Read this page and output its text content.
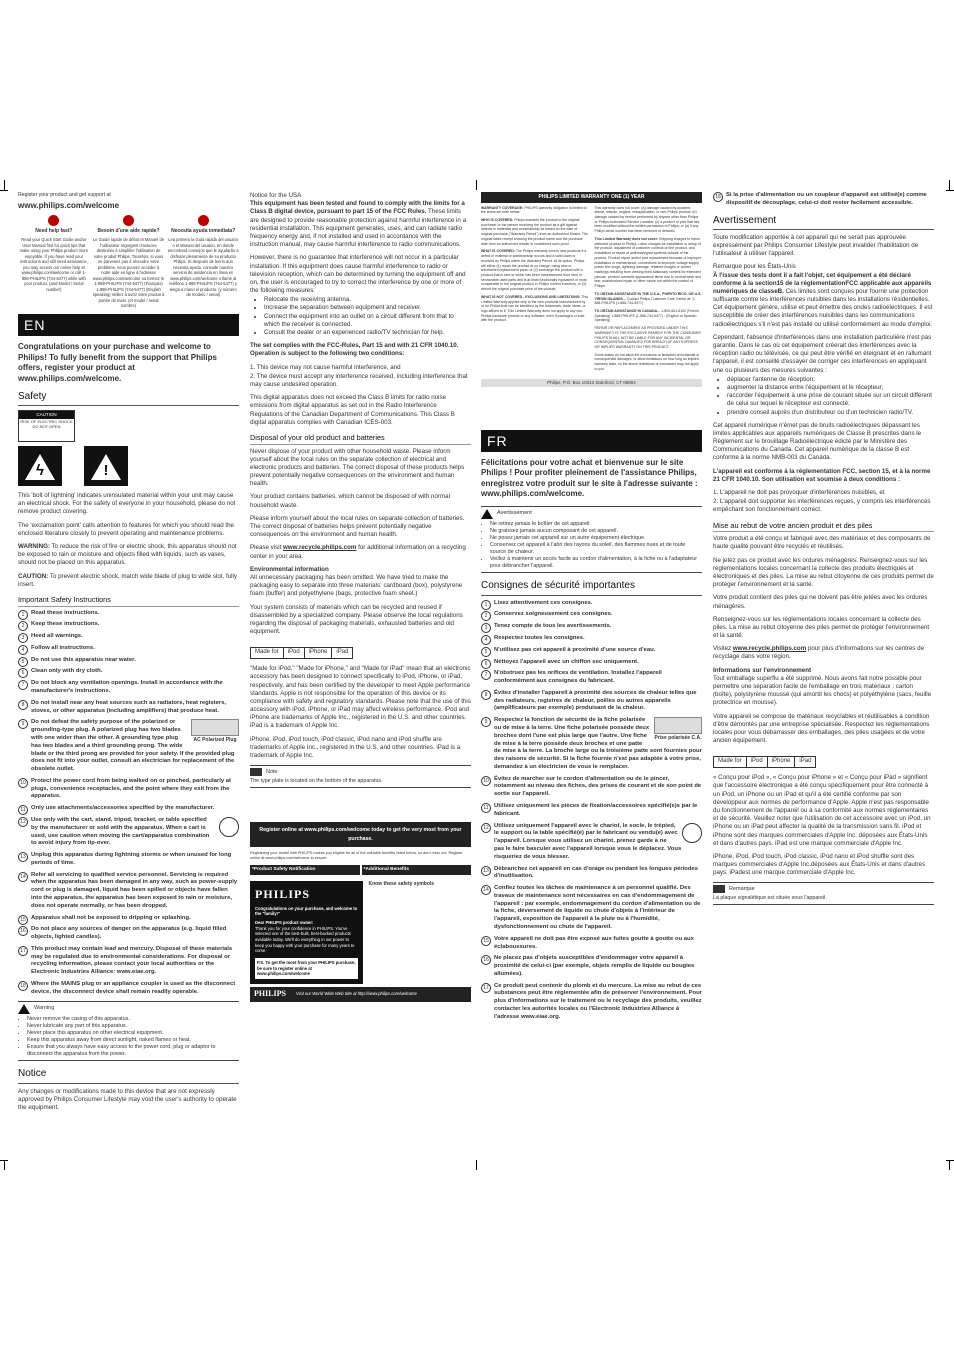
Register your product and get support at
www.philips.com/welcome
Need help fast?
Read your Quick Start Guide and/or User Manual first for quick tips that make using your Philips product more enjoyable. If you have read your instructions and still need assistance, you may access our online help at www.philips.com/welcome or call 1-888-PHILIPS (744-5477) while with your product. (and Model / Serial number)
Besoin d'une aide rapide?
Le Guide rapide de début et Manuel de l'utilisateur regorgent d'astuces destinées à simplifier l'utilisation de votre produit Philips. Toutefois, si vous ne parvenez pas à résoudre votre problème, vous pouvez accéder à notre aide en ligne à l'adresse www.philips.com/welcome ou formez le 1-888-PHILIPS (744-5477) (Français) 1-888-PHILIPS (744-5477) (English speaking) Veillez à avoir votre produit à portée de main. (et model / serial nombre)
Necesita ayuda inmediata?
Lea primero la Guía rápida del usuario o el Manual del usuario, en donde encontrará consejos que le ayudarán a disfrutar plenamente de su producto Philips. Si después de leerlo aún necesita ayuda, consulte nuestro servicio de asistencia en línea en www.philips.com/welcome o llame al teléfono 1-888-PHILIPS (744-5477) y tenga a mano el producto. (y número de modelo / serial)
EN
Congratulations on your purchase and welcome to Philips! To fully benefit from the support that Philips offers, register your product at www.philips.com/welcome.
Safety
CAUTION
RISK OF ELECTRIC SHOCK DO NOT OPEN
ϟ	!

This 'bolt of lightning' indicates uninsulated material within your unit may cause an electrical shock. For the safety of everyone in your household, please do not remove product covering.

The 'exclamation point' calls attention to features for which you should read the enclosed literature closely to prevent operating and maintenance problems.

WARNING: To reduce the risk of fire or electric shock, this apparatus should not be exposed to rain or moisture and objects filled with liquids, such as vases, should not be placed on this apparatus.

CAUTION: To prevent electric shock, match wide blade of plug to wide slot, fully insert.

Important Safety Instructions
1	Read these instructions.
2	Keep these instructions.
3	Heed all warnings.
4	Follow all instructions.
5	Do not use this apparatus near water.
6	Clean only with dry cloth.
7	Do not block any ventilation openings. Install in accordance with the manufacturer's instructions.
8	Do not install near any heat sources such as radiators, heat registers, stoves, or other apparatus (including amplifiers) that produce heat.
9
AC Polarized Plug
Do not defeat the safety purpose of the polarized or grounding-type plug. A polarized plug has two blades with one wider than the other. A grounding type plug has two blades and a third grounding prong. The wide blade or the third prong are provided for your safety. If the provided plug does not fit into your outlet, consult an electrician for replacement of the obsolete outlet.
10 Protect the power cord from being walked on or pinched, particularly at plugs, convenience receptacles, and the point where they exit from the apparatus.
11 Only use attachments/accessories specified by the manufacturer.
12 Use only with the cart, stand, tripod, bracket, or table specified by the manufacturer or sold with the apparatus. When a cart is used, use caution when moving the cart/apparatus combination to avoid injury from tip-over.
13 Unplug this apparatus during lightning storms or when unused for long periods of time.
14 Refer all servicing to qualified service personnel. Servicing is required when the apparatus has been damaged in any way, such as power-supply cord or plug is damaged, liquid has been spilled or objects have fallen into the apparatus, the apparatus has been exposed to rain or moisture, does not operate normally, or has been dropped.
15 Apparatus shall not be exposed to dripping or splashing.
16 Do not place any sources of danger on the apparatus (e.g. liquid filled objects, lighted candles).
17 This product may contain lead and mercury. Disposal of these materials may be regulated due to environmental considerations. For disposal or recycling information, please contact your local authorities or the Electronic Industries Alliance: www.eiae.org.
18 Where the MAINS plug or an appliance coupler is used as the disconnect device, the disconnect device shall remain readily operable.
Warning
• Never remove the casing of this apparatus.
• Never lubricate any part of this apparatus.
• Never place this apparatus on other electrical equipment.
• Keep this apparatus away from direct sunlight, naked flames or heat.
• Ensure that you always have easy access to the power cord, plug or adaptor to disconnect the apparatus from the power.
Notice

Any changes or modifications made to this device that are not expressly approved by Philips Consumer Lifestyle may void the user's authority to operate the equipment.

Notice for the USA

This equipment has been tested and found to comply with the limits for a Class B digital device, pursuant to part 15 of the FCC Rules. These limits are designed to provide reasonable protection against harmful interference in a residential installation. This equipment generates, uses, and can radiate radio frequency energy and, if not installed and used in accordance with the instruction manual, may cause harmful interference to radio communications.

However, there is no guarantee that interference will not occur in a particular installation. If this equipment does cause harmful interference to radio or television reception, which can be determined by turning the equipment off and on, the user is encouraged to try to correct the interference by one or more of the following measures:

• Relocate the receiving antenna.
• Increase the separation between equipment and receiver.
• Connect the equipment into an outlet on a circuit different from that to which the receiver is connected.
• Consult the dealer or an experienced radio/TV technician for help.

The set complies with the FCC-Rules, Part 15 and with 21 CFR 1040.10. Operation is subject to the following two conditions:

1. This device may not cause harmful interference, and

2. The device must accept any interference received, including interference that may cause undesired operation.

This digital apparatus does not exceed the Class B limits for radio noise emissions from digital apparatus as set out in the Radio Interference Regulations of the Canadian Department of Communications. This Class B digital apparatus complies with Canadian ICES-003.

Disposal of your old product and batteries

Never dispose of your product with other household waste. Please inform yourself about the local rules on the separate collection of electrical and electronic products and batteries. The correct disposal of these products helps prevent potentially negative consequences on the environment and human health.

Your product contains batteries, which cannot be disposed of with normal household waste.

Please inform yourself about the local rules on separate collection of batteries. The correct disposal of batteries helps prevent potentially negative consequences on the environment and human health.

Please visit www.recycle.philips.com for additional information on a recycling center in your area.

Environmental information

All unnecessary packaging has been omitted. We have tried to make the packaging easy to separate into three materials: cardboard (box), polystyrene foam (buffer) and polyethylene (bags, protective foam sheet.)

Your system consists of materials which can be recycled and reused if disassembled by a specialized company. Please observe the local regulations regarding the disposal of packaging materials, exhausted batteries and old equipment.

Made for	iPod	iPhone	iPad

"Made for iPod," "Made for iPhone," and "Made for iPad" mean that an electronic accessory has been designed to connect specifically to iPod, iPhone, or iPad, respectively, and has been certified by the developer to meet Apple performance standards. Apple is not responsible for the operation of this device or its compliance with safety and regulatory standards. Please note that the use of this accessory with iPod, iPhone, or iPad may affect wireless performance. iPod and iPhone are trademarks of Apple Inc., registered in the U.S. and other countries. iPad is a trademark of Apple Inc.

iPhone, iPod, iPod touch, iPod classic, iPod nano and iPod shuffle are trademarks of Apple Inc., registered in the U.S. and other countries. iPad is a trademark of Apple Inc.

Note
The type plate is located on the bottom of the apparatus.
Register online at www.philips.com/welcome today to get the very most from your purchase.
Registering your model with PHILIPS makes you eligible for all of the valuable benefits listed below, so don't miss out. Register online at www.philips.com/welcome to ensure:
*Product Safety Notification	*Additional Benefits
PHILIPS
Congratulations on your purchase, and welcome to the "family!"
Dear PHILIPS product owner:
Thank you for your confidence in PHILIPS. You've selected one of the best-built, best-backed products available today. We'll do everything in our power to keep you happy with your purchase for many years to come.
P.S. To get the most from your PHILIPS purchase, be sure to register online at www.philips.com/welcome
Know these safety symbols
PHILIPS Visit our World Wide Web Site at http://www.philips.com/welcome
PHILIPS LIMITED WARRANTY ONE (1) YEAR

WARRANTY COVERAGE: PHILIPS warranty obligation is limited to the terms set forth below.

WHO IS COVERED: Philips warrants the product to the original purchaser or the person receiving the product as a gift against defects in materials and workmanship as based on the date of original purchase ("Warranty Period") from an Authorized Dealer. The original sales receipt showing the product name and the purchase date from an authorized retailer is considered such proof.

WHAT IS COVERED: The Philips warranty covers new products if a defect in material or workmanship occurs and a valid claim is received by Philips within the Warranty Period. At its option, Philips will either (1) repair the product at no charge, using new or refurbished replacement parts, or (2) exchange the product with a product that is new or which has been manufactured from new, or serviceable used parts and is at least functionally equivalent or most comparable to the original product in Philips current inventory, or (3) refund the original purchase price of the product.

WHAT IS NOT COVERED - EXCLUSIONS AND LIMITATIONS: This Limited Warranty applies only to the new products manufactured by or for Philips that can be identified by the trademark, trade name, or logo affixed to it. This Limited Warranty does not apply to any non-Philips hardware product or any software, even if packaged or sold with the product.

This warranty does not cover: (a) damage caused by accident, abuse, misuse, neglect, misapplication, or non-Philips product; (b) damage caused by service performed by anyone other than Philips or Philips Authorized Service Location; (c) a product or part that has been modified without the written permission of Philips; or (d) if any Philips serial number has been removed or defaced.

This Limited Warranty does not cover: Shipping charges to return defective product to Philips. Labor charges for installation or setup of the product, adjustment of customer controls on the product, and installation or repair of antenna/signal systems outside of the product. Product repair and/or part replacement because of improper installation or maintenance, connections to improper voltage supply, power line surge, lightning damage, retained images or screen markings resulting from viewing fixed stationary content for extended periods, product cosmetic appearance items due to normal wear and tear, unauthorized repair or other cause not within the control of Philips.

TO OBTAIN ASSISTANCE IN THE U.S.A., PUERTO RICO, OR U.S. VIRGIN ISLANDS... Contact Philips Customer Care Center at: 1-888-PHILIPS (1-888-744-5477)

TO OBTAIN ASSISTANCE IN CANADA... 1-800-661-6162 (French Speaking) 1-888-PHILIPS (1-888-744-5477) - (English or Spanish Speaking)

REPAIR OR REPLACEMENT AS PROVIDED UNDER THIS WARRANTY IS THE EXCLUSIVE REMEDY FOR THE CONSUMER. PHILIPS SHALL NOT BE LIABLE FOR ANY INCIDENTAL OR CONSEQUENTIAL DAMAGES FOR BREACH OF ANY EXPRESS OR IMPLIED WARRANTY ON THIS PRODUCT.

Some states do not allow the exclusions or limitation of incidental or consequential damages, or allow limitations on how long an implied warranty lasts, so the above limitations or exclusions may not apply to you.

Philips, P.O. Box 10313 Stamford, CT 06904
FR
Félicitations pour votre achat et bienvenue sur le site Philips ! Pour profiter pleinement de l'assistance Philips, enregistrez votre produit sur le site à l'adresse suivante : www.philips.com/welcome.
Avertissement
• Ne retirez jamais le boîtier de cet appareil.
• Ne graissez jamais aucun composant de cet appareil.
• Ne posez jamais cet appareil sur un autre équipement électrique.
• Conservez cet appareil à l'abri des rayons du soleil, des flammes nues et de toute source de chaleur.
• Veillez à maintenir un accès facile au cordon d'alimentation, à la fiche ou à l'adaptateur pour débrancher l'appareil.
Consignes de sécurité importantes
1	Lisez attentivement ces consignes.
2	Conservez soigneusement ces consignes.
3	Tenez compte de tous les avertissements.
4	Respectez toutes les consignes.
5	N'utilisez pas cet appareil à proximité d'une source d'eau.
6	Nettoyez l'appareil avec un chiffon sec uniquement.
7	N'obstruez pas les orifices de ventilation. Installez l'appareil conformément aux consignes du fabricant.
8	Évitez d'installer l'appareil à proximité des sources de chaleur telles que des radiateurs, registres de chaleur, poêles ou autres appareils (amplificateurs par exemple) produisant de la chaleur.
9
Prise polarisée C.A.
Respectez la fonction de sécurité de la fiche polarisée ou de mise à la terre. Une fiche polarisée possède deux broches dont l'une est plus large que l'autre. Une fiche de mise à la terre possède deux broches et une patte de mise à la terre. La broche large ou la troisième patte sont fournies pour des raisons de sécurité. Si la fiche fournie n'est pas adaptée à votre prise, demandez à un électricien de vous le remplacer.
10 Évitez de marcher sur le cordon d'alimentation ou de le pincer, notamment au niveau des fiches, des prises de courant et de son point de sortie sur l'appareil.
11 Utilisez uniquement les pièces de fixation/accessoires spécifié(e)s par le fabricant.
12 Utilisez uniquement l'appareil avec le chariot, le socle, le trépied, le support ou la table spécifié(e) par le fabricant ou vendu(e) avec l'appareil. Lorsque vous utilisez un chariot, prenez garde à ne pas le faire basculer avec l'appareil lorsque vous le déplacez. Vous risqueriez de vous blesser.
13 Débranchez cet appareil en cas d'orage ou pendant les longues périodes d'inutilisation.
14 Confiez toutes les tâches de maintenance à un personnel qualifié. Des travaux de maintenance sont nécessaires en cas d'endommagement de l'appareil : par exemple, endommagement du cordon d'alimentation ou de la fiche, déversement de liquide ou chute d'objets à l'intérieur de l'appareil, exposition de l'appareil à la pluie ou à l'humidité, dysfonctionnement ou chute de l'appareil.
15 Votre appareil ne doit pas être exposé aux fuites goutte à goutte ou aux éclaboussures.
16 Ne placez pas d'objets susceptibles d'endommager votre appareil à proximité de celui-ci (par exemple, objets remplis de liquide ou bougies allumées).
17 Ce produit peut contenir du plomb et du mercure. La mise au rebut de ces substances peut être réglementée afin de préserver l'environnement. Pour plus d'informations sur le traitement ou le recyclage des produits, veuillez contacter les autorités locales ou l'Electronic Industries Alliance à l'adresse www.eiae.org.
18 Si la prise d'alimentation ou un coupleur d'appareil est utilisé(e) comme dispositif de découplage, celui-ci doit rester facilement accessible.
Avertissement

Toute modification apportée à cet appareil qui ne serait pas approuvée expressément par Philips Consumer Lifestyle peut invalider l'habilitation de l'utilisateur à utiliser l'appareil.

Remarque pour les États-Unis

À l'issue des tests dont il a fait l'objet, cet équipement a été déclaré conforme à la section15 de la réglementationFCC applicable aux appareils numériques de classeB. Ces limites sont conçues pour fournir une protection suffisante contre les interférences nuisibles dans les installations résidentielles. Cet équipement génère, utilise et peut émettre des ondes radioélectriques. Il est susceptible de créer des interférences nuisibles dans les communications radioélectriques s'il n'est pas installé ou utilisé conformément au mode d'emploi.

Cependant, l'absence d'interférences dans une installation particulière n'est pas garantie. Dans le cas où cet équipement créerait des interférences avec la réception radio ou télévisée, ce qui peut être vérifié en éteignant et en rallumant l'appareil, il est conseillé d'essayer de corriger ces interférences en appliquant une ou plusieurs des mesures suivantes :

• déplacer l'antenne de réception;
• augmenter la distance entre l'équipement et le récepteur;
• raccorder l'équipement à une prise de courant située sur un circuit différent de celui sur lequel le récepteur est connecté;
• prendre conseil auprès d'un distributeur ou d'un technicien radio/TV.

Cet appareil numérique n'émet pas de bruits radioélectriques dépassant les limites applicables aux appareils numériques de Classe B prescrites dans le Règlement sur le brouillage Radioélectrique édicté par le Ministère des Communications du Canada. Cet appareil numérique de la classe B est conforme à la norme NMB-003 du Canada.

L'appareil est conforme à la réglementation FCC, section 15, et à la norme 21 CFR 1040.10. Son utilisation est soumise à deux conditions :

1. L'appareil ne doit pas provoquer d'interférences nuisibles, et

2. L'appareil doit supporter les interférences reçues, y compris les interférences empêchant son fonctionnement correct.

Mise au rebut de votre ancien produit et des piles

Votre produit a été conçu et fabriqué avec des matériaux et des composants de haute qualité pouvant être recyclés et réutilisés.

Ne jetez pas ce produit avec les ordures ménagères. Renseignez-vous sur les réglementations locales concernant la collecte des produits électriques et électroniques et des piles. La mise au rebut citoyenne de ces produits permet de protéger l'environnement et la santé.

Votre produit contient des piles qui ne doivent pas être jetées avec les ordures ménagères.

Renseignez-vous sur les réglementations locales concernant la collecte des piles. La mise au rebut citoyenne des piles permet de protéger l'environnement et la santé.

Visitez www.recycle.philips.com pour plus d'informations sur les centres de recyclage dans votre région.

Informations sur l'environnement

Tout emballage superflu a été supprimé. Nous avons fait notre possible pour permettre une séparation facile de l'emballage en trois matériaux : carton (boîte), polystyrène moussé (qui amortit les chocs) et polyéthylène (sacs, feuille protectrice en mousse).

Votre appareil se compose de matériaux recyclables et réutilisables à condition d'être démontés par une entreprise spécialisée. Respectez les réglementations locales pour vous débarrasser des emballages, des piles usagées et de votre ancien équipement.

Made for	iPod	iPhone	iPad

« Conçu pour iPod », « Conçu pour iPhone » et « Conçu pour iPad » signifient que l'accessoire électronique a été conçu spécifiquement pour être connecté à un iPod, un iPhone ou un iPad et qu'il a été certifié conforme par son développeur aux normes de performance d'Apple. Apple n'est pas responsable du fonctionnement de l'appareil ou à sa conformité aux normes réglementaires et de sécurité. Veuillez noter que l'utilisation de cet accessoire avec un iPod, un iPhone ou un iPad peut affecter la qualité de la transmission sans fil. iPod et iPhone sont des marques commerciales d'Apple Inc. déposées aux États-Unis et dans d'autres pays. iPad est une marque commerciale d'Apple Inc.

iPhone, iPod, iPod touch, iPod classic, iPod nano et iPod shuffle sont des marques commerciales d'Apple Inc.déposées aux États-Unis et dans d'autres pays. iPadest une marque commerciale d'Apple Inc.

Remarque
La plaque signalétique est située sous l'appareil.
